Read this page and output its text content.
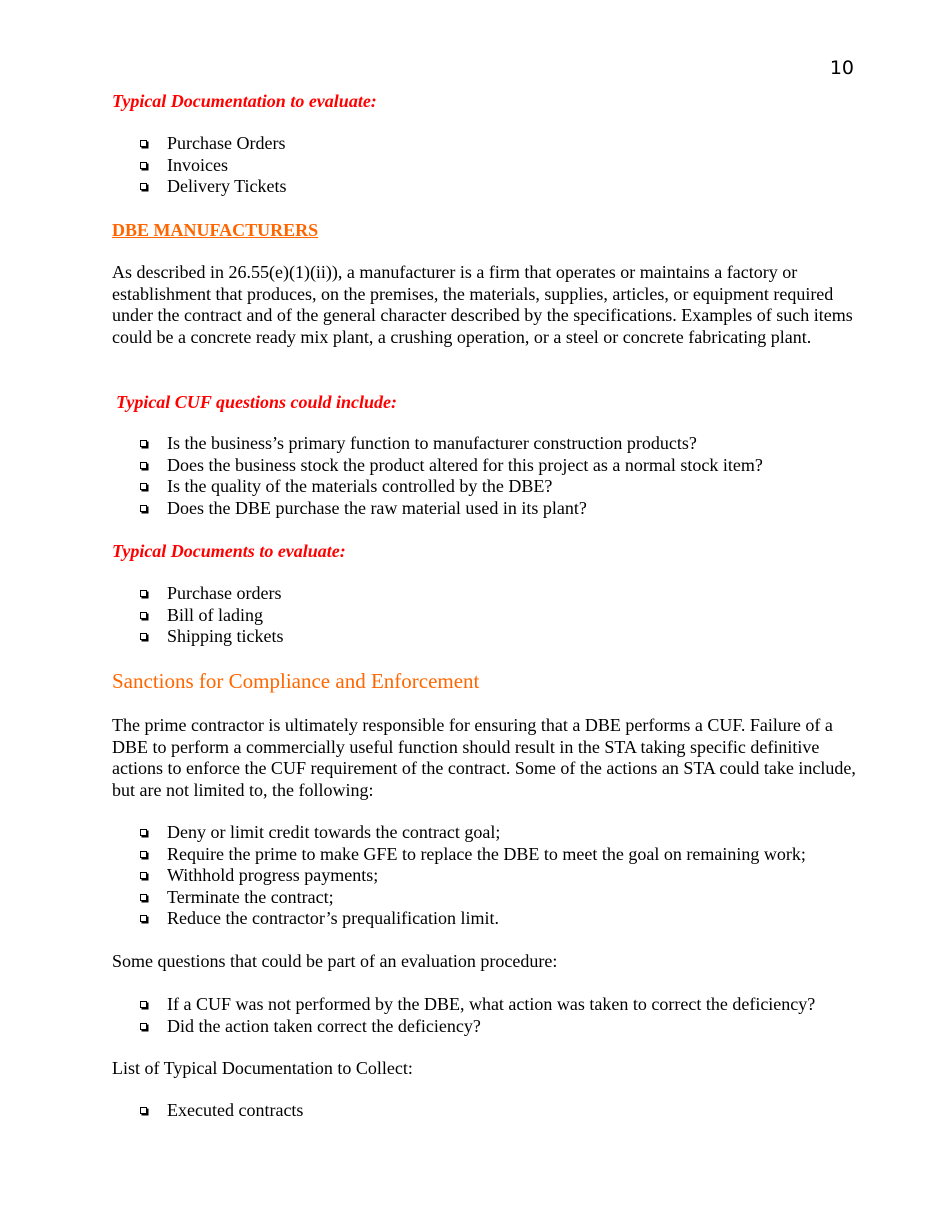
10
Typical Documentation to evaluate:
Purchase Orders
Invoices
Delivery Tickets
DBE MANUFACTURERS

As described in 26.55(e)(1)(ii)), a manufacturer is a firm that operates or maintains a factory or establishment that produces, on the premises, the materials, supplies, articles, or equipment required under the contract and of the general character described by the specifications. Examples of such items could be a concrete ready mix plant, a crushing operation, or a steel or concrete fabricating plant.

Typical CUF questions could include:
Is the business’s primary function to manufacturer construction products?
Does the business stock the product altered for this project as a normal stock item?
Is the quality of the materials controlled by the DBE?
Does the DBE purchase the raw material used in its plant?
Typical Documents to evaluate:
Purchase orders
Bill of lading
Shipping tickets
Sanctions for Compliance and Enforcement

The prime contractor is ultimately responsible for ensuring that a DBE performs a CUF. Failure of a DBE to perform a commercially useful function should result in the STA taking specific definitive actions to enforce the CUF requirement of the contract. Some of the actions an STA could take include, but are not limited to, the following:

Deny or limit credit towards the contract goal;
Require the prime to make GFE to replace the DBE to meet the goal on remaining work;
Withhold progress payments;
Terminate the contract;
Reduce the contractor’s prequalification limit.

Some questions that could be part of an evaluation procedure:

If a CUF was not performed by the DBE, what action was taken to correct the deficiency?
Did the action taken correct the deficiency?

List of Typical Documentation to Collect:

Executed contracts
